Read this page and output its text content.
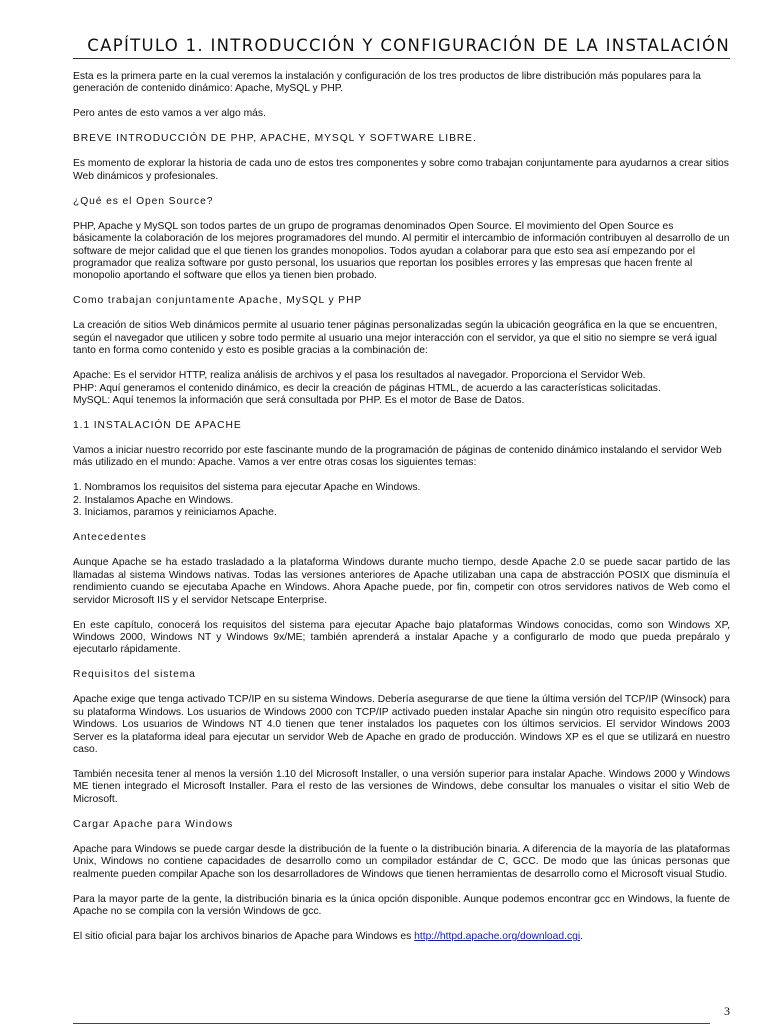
CAPÍTULO 1. INTRODUCCIÓN Y CONFIGURACIÓN DE LA INSTALACIÓN

Esta es la primera parte en la cual veremos la instalación y configuración de los tres productos de libre distribución más populares para la generación de contenido dinámico: Apache, MySQL y PHP.

Pero antes de esto vamos a ver algo más.

BREVE INTRODUCCIÓN DE PHP, APACHE, MYSQL Y SOFTWARE LIBRE.

Es momento de explorar la historia de cada uno de estos tres componentes y sobre como trabajan conjuntamente para ayudarnos a crear sitios Web dinámicos y profesionales.

¿Qué es el Open Source?

PHP, Apache y MySQL son todos partes de un grupo de programas denominados Open Source. El movimiento del Open Source es básicamente la colaboración de los mejores programadores del mundo. Al permitir el intercambio de información contribuyen al desarrollo de un software de mejor calidad que el que tienen los grandes monopolios. Todos ayudan a colaborar para que esto sea así empezando por el programador que realiza software por gusto personal, los usuarios que reportan los posibles errores y las empresas que hacen frente al monopolio aportando el software que ellos ya tienen bien probado.

Como trabajan conjuntamente Apache, MySQL y PHP

La creación de sitios Web dinámicos permite al usuario tener páginas personalizadas según la ubicación geográfica en la que se encuentren, según el navegador que utilicen y sobre todo permite al usuario una mejor interacción con el servidor, ya que el sitio no siempre se verá igual tanto en forma como contenido y esto es posible gracias a la combinación de:

Apache: Es el servidor HTTP, realiza análisis de archivos y el pasa los resultados al navegador. Proporciona el Servidor Web.
PHP: Aquí generamos el contenido dinámico, es decir la creación de páginas HTML, de acuerdo a las características solicitadas.

MySQL: Aquí tenemos la información que será consultada por PHP. Es el motor de Base de Datos.

1.1 INSTALACIÓN DE APACHE

Vamos a iniciar nuestro recorrido por este fascinante mundo de la programación de páginas de contenido dinámico instalando el servidor Web más utilizado en el mundo: Apache. Vamos a ver entre otras cosas los siguientes temas:

1. Nombramos los requisitos del sistema para ejecutar Apache en Windows.
2. Instalamos Apache en Windows.

3. Iniciamos, paramos y reiniciamos Apache.

Antecedentes

Aunque Apache se ha estado trasladado a la plataforma Windows durante mucho tiempo, desde Apache 2.0 se puede sacar partido de las llamadas al sistema Windows nativas. Todas las versiones anteriores de Apache utilizaban una capa de abstracción POSIX que disminuía el rendimiento cuando se ejecutaba Apache en Windows. Ahora Apache puede, por fin, competir con otros servidores nativos de Web como el servidor Microsoft IIS y el servidor Netscape Enterprise.

En este capítulo, conocerá los requisitos del sistema para ejecutar Apache bajo plataformas Windows conocidas, como son Windows XP, Windows 2000, Windows NT y Windows 9x/ME; también aprenderá a instalar Apache y a configurarlo de modo que pueda prepáralo y ejecutarlo rápidamente.

Requisitos del sistema

Apache exige que tenga activado TCP/IP en su sistema Windows. Debería asegurarse de que tiene la última versión del TCP/IP (Winsock) para su plataforma Windows. Los usuarios de Windows 2000 con TCP/IP activado pueden instalar Apache sin ningún otro requisito específico para Windows. Los usuarios de Windows NT 4.0 tienen que tener instalados los paquetes con los últimos servicios. El servidor Windows 2003 Server es la plataforma ideal para ejecutar un servidor Web de Apache en grado de producción. Windows XP es el que se utilizará en nuestro caso.

También necesita tener al menos la versión 1.10 del Microsoft Installer, o una versión superior para instalar Apache. Windows 2000 y Windows ME tienen integrado el Microsoft Installer. Para el resto de las versiones de Windows, debe consultar los manuales o visitar el sitio Web de Microsoft.

Cargar Apache para Windows

Apache para Windows se puede cargar desde la distribución de la fuente o la distribución binaria. A diferencia de la mayoría de las plataformas Unix, Windows no contiene capacidades de desarrollo como un compilador estándar de C, GCC. De modo que las únicas personas que realmente pueden compilar Apache son los desarrolladores de Windows que tienen herramientas de desarrollo como el Microsoft visual Studio.

Para la mayor parte de la gente, la distribución binaria es la única opción disponible. Aunque podemos encontrar gcc en Windows, la fuente de Apache no se compila con la versión Windows de gcc.

El sitio oficial para bajar los archivos binarios de Apache para Windows es http://httpd.apache.org/download.cgi.

3
